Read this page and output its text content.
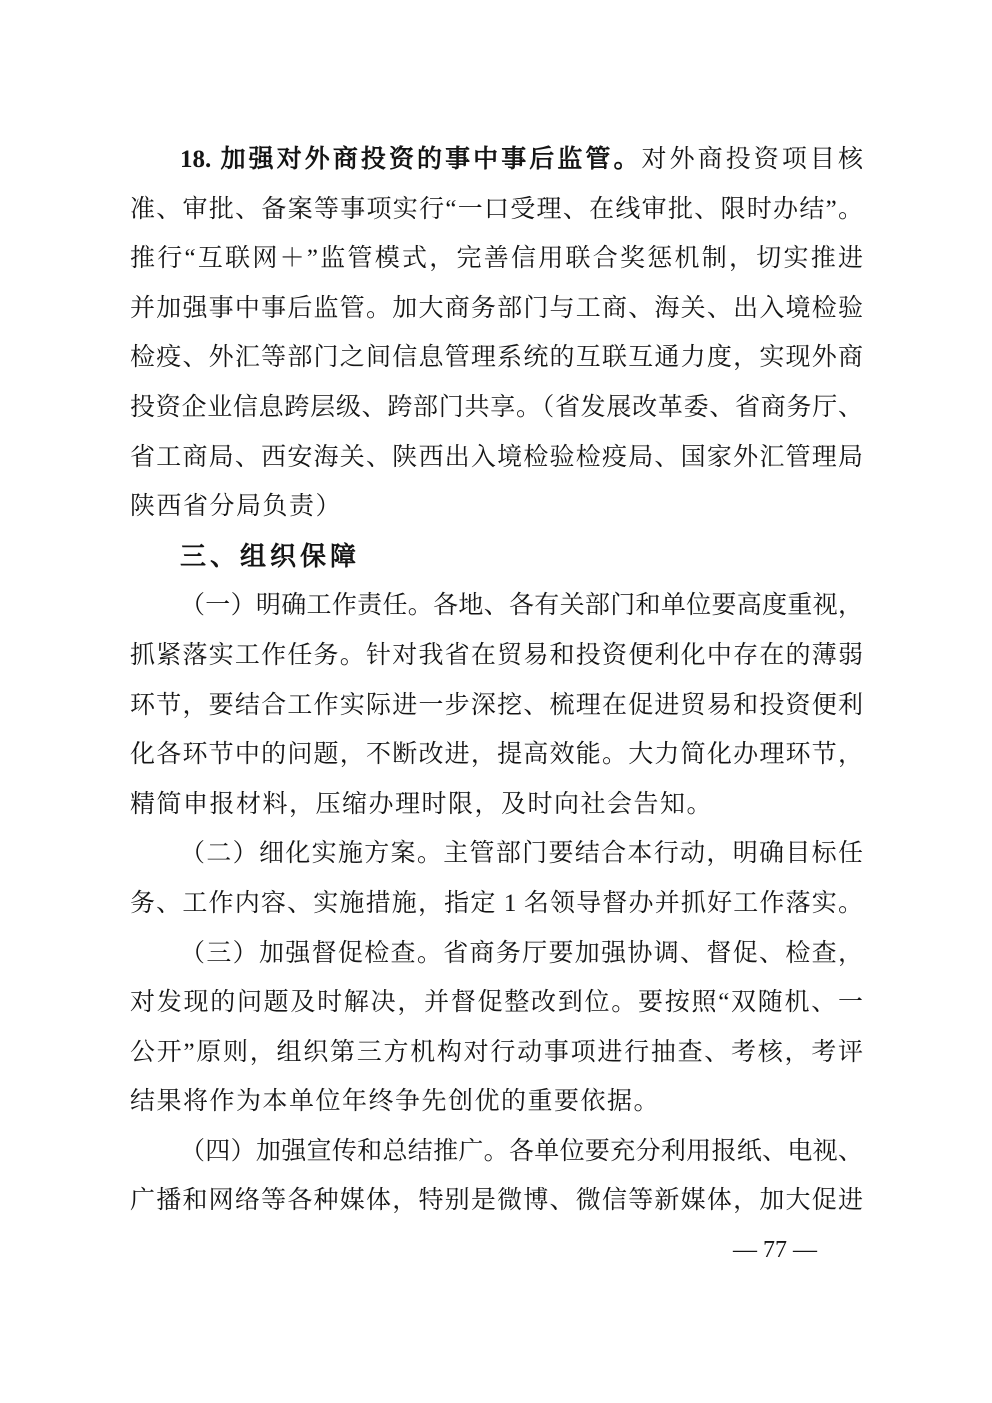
18. 加强对外商投资的事中事后监管。对外商投资项目核
准、审批、备案等事项实行“一口受理、在线审批、限时办结”。
推行“互联网＋”监管模式，完善信用联合奖惩机制，切实推进
并加强事中事后监管。加大商务部门与工商、海关、出入境检验
检疫、外汇等部门之间信息管理系统的互联互通力度，实现外商
投资企业信息跨层级、跨部门共享。（省发展改革委、省商务厅、
省工商局、西安海关、陕西出入境检验检疫局、国家外汇管理局
陕西省分局负责）
三、组织保障
（一）明确工作责任。各地、各有关部门和单位要高度重视，
抓紧落实工作任务。针对我省在贸易和投资便利化中存在的薄弱
环节，要结合工作实际进一步深挖、梳理在促进贸易和投资便利
化各环节中的问题，不断改进，提高效能。大力简化办理环节，
精简申报材料，压缩办理时限，及时向社会告知。
（二）细化实施方案。主管部门要结合本行动，明确目标任
务、工作内容、实施措施，指定 1 名领导督办并抓好工作落实。
（三）加强督促检查。省商务厅要加强协调、督促、检查，
对发现的问题及时解决，并督促整改到位。要按照“双随机、一
公开”原则，组织第三方机构对行动事项进行抽查、考核，考评
结果将作为本单位年终争先创优的重要依据。
（四）加强宣传和总结推广。各单位要充分利用报纸、电视、
广播和网络等各种媒体，特别是微博、微信等新媒体，加大促进
— 77 —
